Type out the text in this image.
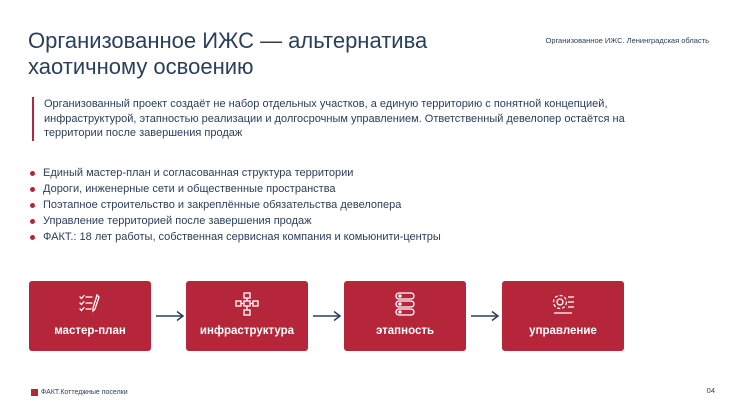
Организованное ИЖС — альтернатива
хаотичному освоению
Организованное ИЖС. Ленинградская область
Организованный проект создаёт не набор отдельных участков, а единую территорию с понятной концепцией, инфраструктурой, этапностью реализации и долгосрочным управлением. Ответственный девелопер остаётся на территории после завершения продаж
Единый мастер-план и согласованная структура территории
Дороги, инженерные сети и общественные пространства
Поэтапное строительство и закреплённые обязательства девелопера
Управление территорией после завершения продаж
ФАКТ.: 18 лет работы, собственная сервисная компания и комьюнити-центры
мастер-план	инфраструктура	этапность	управление
ФАКТ.Коттеджные поселки	04
